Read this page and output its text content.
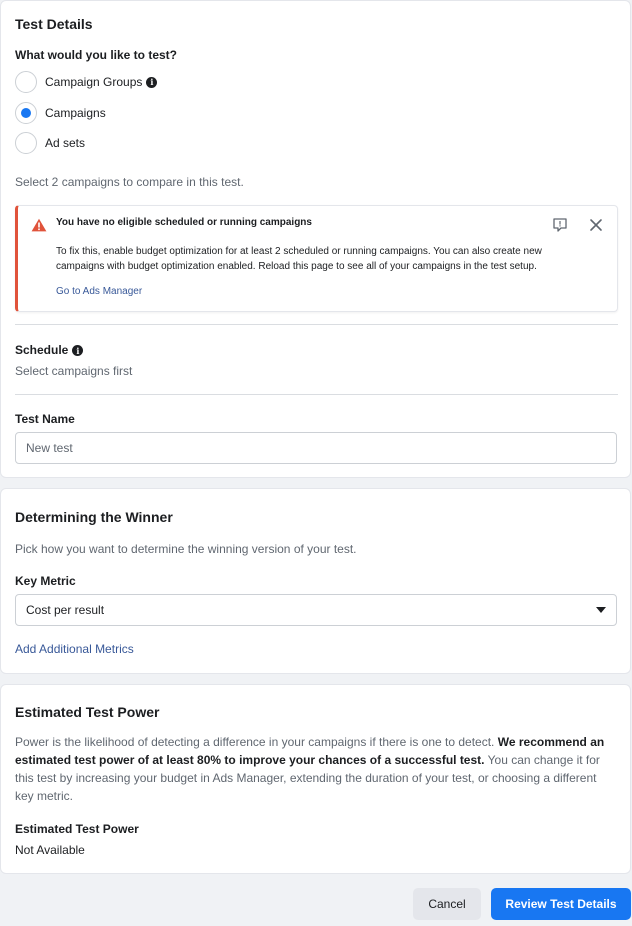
Test Details
What would you like to test?
Campaign Groups i
Campaigns
Ad sets
Select 2 campaigns to compare in this test.
You have no eligible scheduled or running campaigns
To fix this, enable budget optimization for at least 2 scheduled or running campaigns. You can also create new campaigns with budget optimization enabled. Reload this page to see all of your campaigns in the test setup.
Go to Ads Manager
Schedule i
Select campaigns first
Test Name
New test
Determining the Winner
Pick how you want to determine the winning version of your test.
Key Metric
Cost per result
Add Additional Metrics
Estimated Test Power
Power is the likelihood of detecting a difference in your campaigns if there is one to detect. We recommend an estimated test power of at least 80% to improve your chances of a successful test. You can change it for this test by increasing your budget in Ads Manager, extending the duration of your test, or choosing a different key metric.
Estimated Test Power
Not Available
Cancel	Review Test Details
